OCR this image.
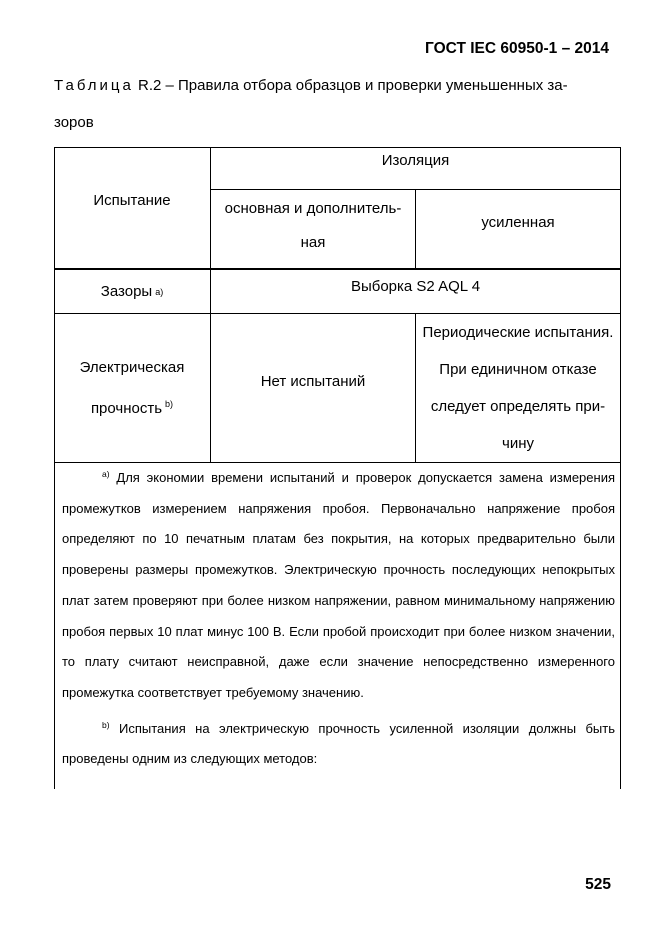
ГОСТ IEC 60950-1 – 2014
Таблица R.2 – Правила отбора образцов и проверки уменьшенных за-
зоров
Испытание
Изоляция
основная и дополнитель-
ная
усиленная
Зазоры a)	Выборка S2 AQL 4
Электрическая
прочность $^{b)}$
Нет испытаний
Периодические испытания.
При единичном отказе
следует определять при-
чину

$^{a)}$ Для экономии времени испытаний и проверок допускается замена измерения промежутков измерением напряжения пробоя. Первоначально напряжение пробоя определяют по 10 печатным платам без покрытия, на которых предварительно были проверены размеры промежутков. Электрическую прочность последующих непокрытых плат затем проверяют при более низком напряжении, равном минимальному напряжению пробоя первых 10 плат минус 100 В. Если пробой происходит при более низком значении, то плату считают неисправной, даже если значение непосредственно измеренного промежутка соответствует требуемому значению.

$^{b)}$ Испытания на электрическую прочность усиленной изоляции должны быть проведены одним из следующих методов:

525
